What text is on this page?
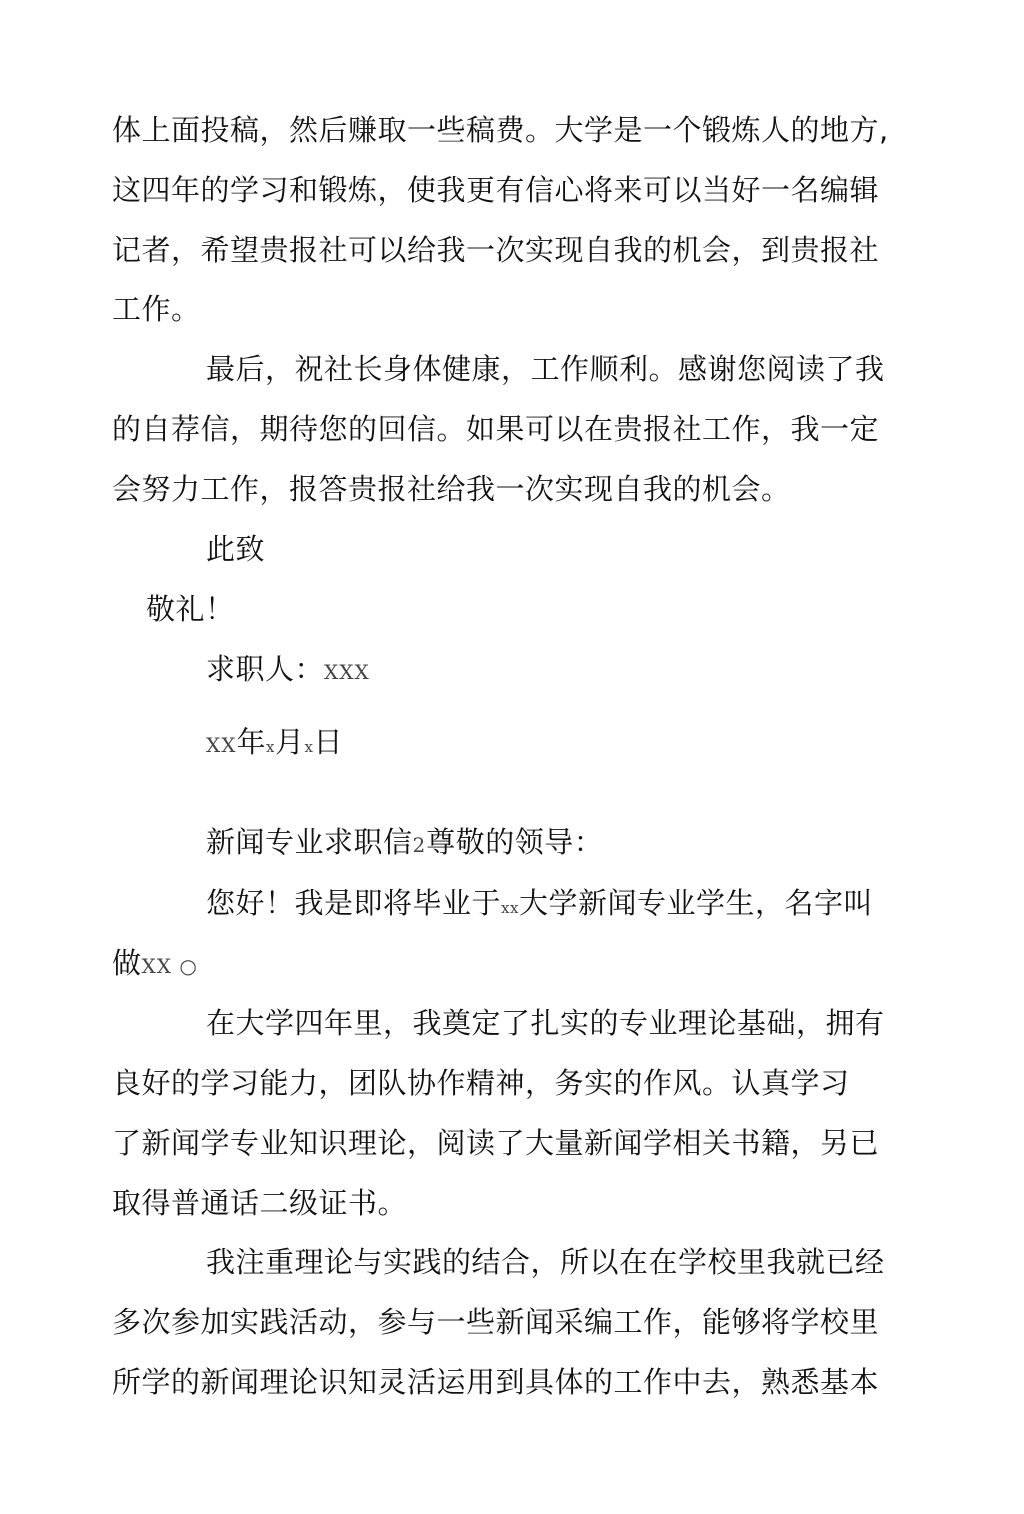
体上面投稿，然后赚取一些稿费。大学是一个锻炼人的地方,
这四年的学习和锻炼，使我更有信心将来可以当好一名编辑
记者，希望贵报社可以给我一次实现自我的机会，到贵报社
工作。
最后，祝社长身体健康，工作顺利。感谢您阅读了我
的自荐信，期待您的回信。如果可以在贵报社工作，我一定
会努力工作，报答贵报社给我一次实现自我的机会。
此致
敬礼！
求职人：XXX
XX年x月x日
新闻专业求职信2尊敬的领导：
您好！我是即将毕业于xx大学新闻专业学生，名字叫
做XX ○
在大学四年里，我奠定了扎实的专业理论基础，拥有
良好的学习能力，团队协作精神，务实的作风。认真学习
了新闻学专业知识理论，阅读了大量新闻学相关书籍，另已
取得普通话二级证书。
我注重理论与实践的结合，所以在在学校里我就已经
多次参加实践活动，参与一些新闻采编工作，能够将学校里
所学的新闻理论识知灵活运用到具体的工作中去，熟悉基本
